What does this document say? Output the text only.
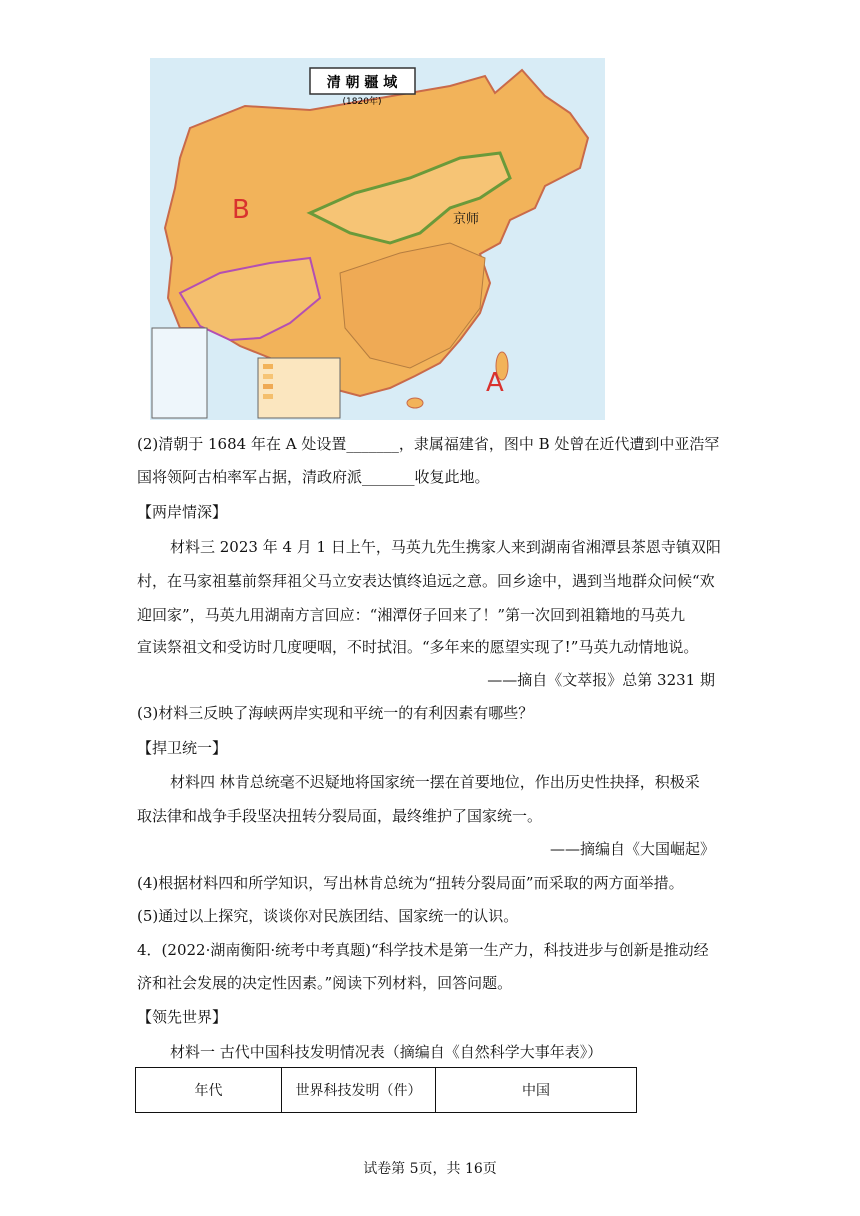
清 朝 疆 域
(1820年)
B
A
京师
(2)清朝于 1684 年在 A 处设置_______，隶属福建省，图中 B 处曾在近代遭到中亚浩罕
国将领阿古柏率军占据，清政府派_______收复此地。
【两岸情深】
材料三 2023 年 4 月 1 日上午，马英九先生携家人来到湖南省湘潭县茶恩寺镇双阳
村，在马家祖墓前祭拜祖父马立安表达慎终追远之意。回乡途中，遇到当地群众问候“欢
迎回家”，马英九用湖南方言回应：“湘潭伢子回来了！”第一次回到祖籍地的马英九
宣读祭祖文和受访时几度哽咽，不时拭泪。“多年来的愿望实现了!”马英九动情地说。
——摘自《文萃报》总第 3231 期
(3)材料三反映了海峡两岸实现和平统一的有利因素有哪些？
【捍卫统一】
材料四 林肯总统毫不迟疑地将国家统一摆在首要地位，作出历史性抉择，积极采
取法律和战争手段坚决扭转分裂局面，最终维护了国家统一。
——摘编自《大国崛起》
(4)根据材料四和所学知识，写出林肯总统为“扭转分裂局面”而采取的两方面举措。
(5)通过以上探究，谈谈你对民族团结、国家统一的认识。
4．(2022·湖南衡阳·统考中考真题)“科学技术是第一生产力，科技进步与创新是推动经
济和社会发展的决定性因素。”阅读下列材料，回答问题。
【领先世界】
材料一 古代中国科技发明情况表（摘编自《自然科学大事年表》）
年代	世界科技发明（件）	中国
试卷第 5页，共 16页
